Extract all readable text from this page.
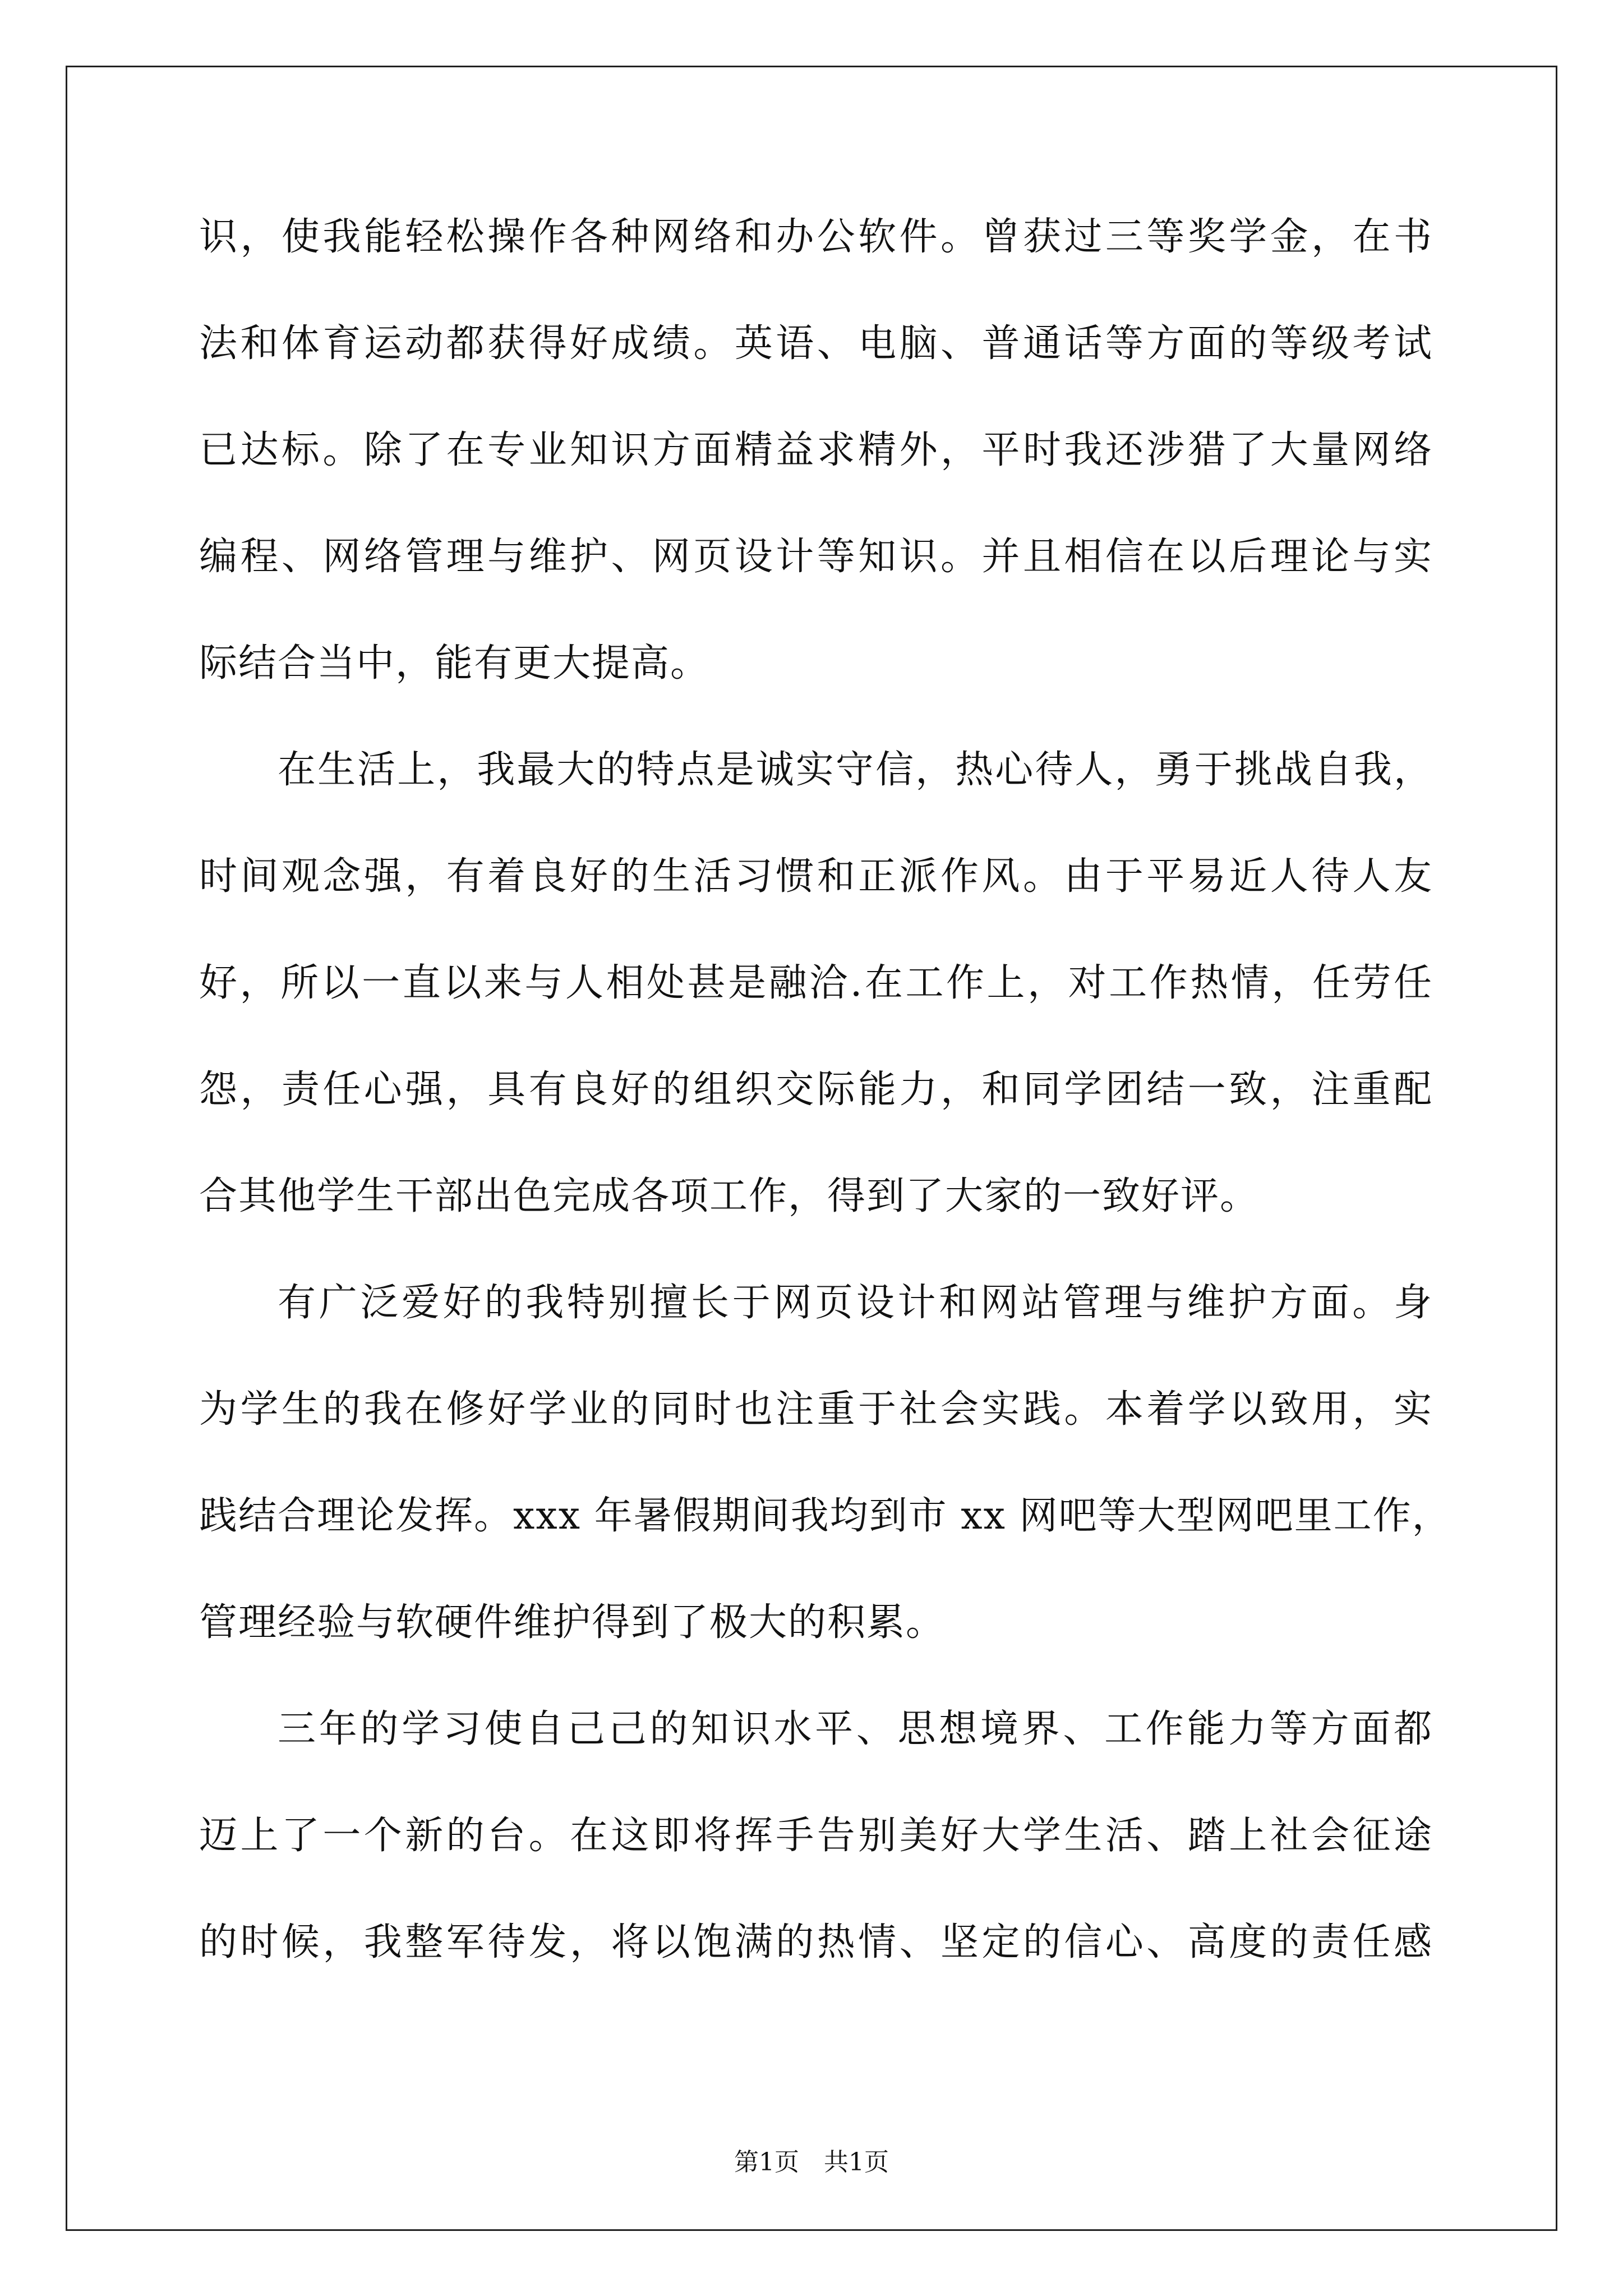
识，使我能轻松操作各种网络和办公软件。曾获过三等奖学金，在书
法和体育运动都获得好成绩。英语、电脑、普通话等方面的等级考试
已达标。除了在专业知识方面精益求精外，平时我还涉猎了大量网络
编程、网络管理与维护、网页设计等知识。并且相信在以后理论与实
际结合当中，能有更大提高。
在生活上，我最大的特点是诚实守信，热心待人，勇于挑战自我，
时间观念强，有着良好的生活习惯和正派作风。由于平易近人待人友
好，所以一直以来与人相处甚是融洽.在工作上，对工作热情，任劳任
怨，责任心强，具有良好的组织交际能力，和同学团结一致，注重配
合其他学生干部出色完成各项工作，得到了大家的一致好评。
有广泛爱好的我特别擅长于网页设计和网站管理与维护方面。身
为学生的我在修好学业的同时也注重于社会实践。本着学以致用，实
践结合理论发挥。xxx 年暑假期间我均到市 xx 网吧等大型网吧里工作，
管理经验与软硬件维护得到了极大的积累。
三年的学习使自己己的知识水平、思想境界、工作能力等方面都
迈上了一个新的台。在这即将挥手告别美好大学生活、踏上社会征途
的时候，我整军待发，将以饱满的热情、坚定的信心、高度的责任感
第1页　共1页
